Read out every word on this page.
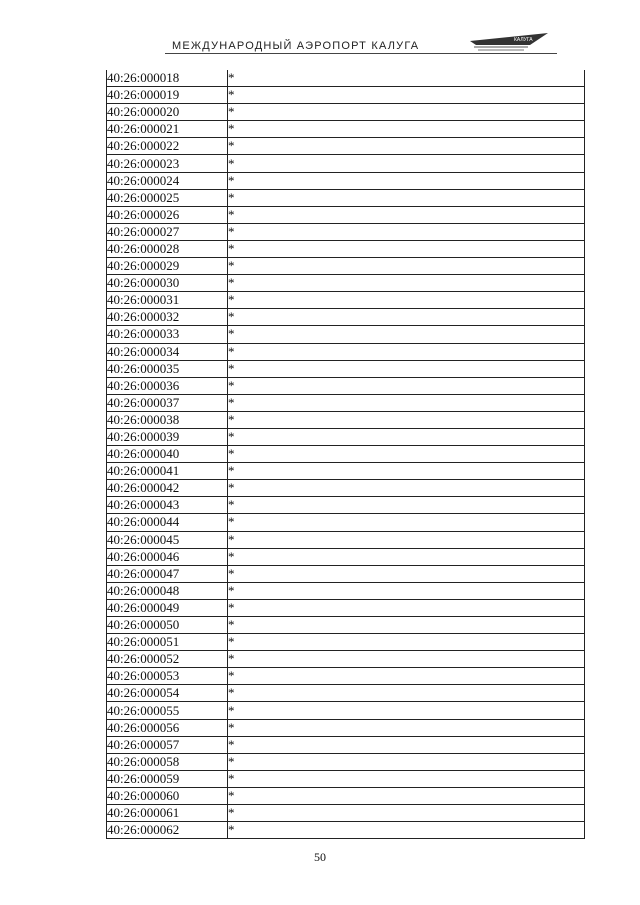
МЕЖДУНАРОДНЫЙ АЭРОПОРТ КАЛУГА	КАЛУГА
40:26:000018	*
40:26:000019	*
40:26:000020	*
40:26:000021	*
40:26:000022	*
40:26:000023	*
40:26:000024	*
40:26:000025	*
40:26:000026	*
40:26:000027	*
40:26:000028	*
40:26:000029	*
40:26:000030	*
40:26:000031	*
40:26:000032	*
40:26:000033	*
40:26:000034	*
40:26:000035	*
40:26:000036	*
40:26:000037	*
40:26:000038	*
40:26:000039	*
40:26:000040	*
40:26:000041	*
40:26:000042	*
40:26:000043	*
40:26:000044	*
40:26:000045	*
40:26:000046	*
40:26:000047	*
40:26:000048	*
40:26:000049	*
40:26:000050	*
40:26:000051	*
40:26:000052	*
40:26:000053	*
40:26:000054	*
40:26:000055	*
40:26:000056	*
40:26:000057	*
40:26:000058	*
40:26:000059	*
40:26:000060	*
40:26:000061	*
40:26:000062	*
50
